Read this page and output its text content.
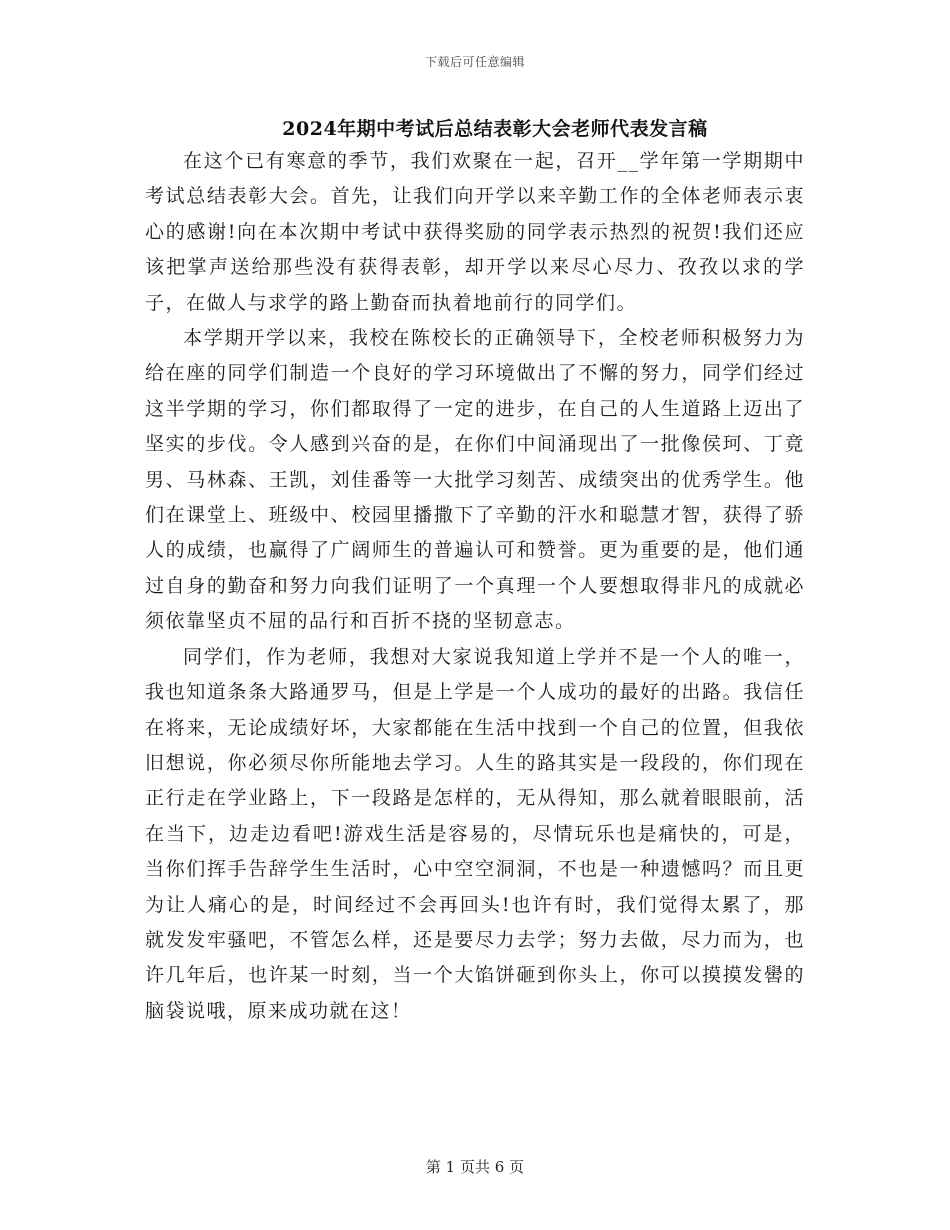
下载后可任意编辑
2024年期中考试后总结表彰大会老师代表发言稿

在这个已有寒意的季节，我们欢聚在一起，召开__学年第一学期期中考试总结表彰大会。首先，让我们向开学以来辛勤工作的全体老师表示衷心的感谢!向在本次期中考试中获得奖励的同学表示热烈的祝贺!我们还应该把掌声送给那些没有获得表彰，却开学以来尽心尽力、孜孜以求的学子，在做人与求学的路上勤奋而执着地前行的同学们。

本学期开学以来，我校在陈校长的正确领导下，全校老师积极努力为给在座的同学们制造一个良好的学习环境做出了不懈的努力，同学们经过这半学期的学习，你们都取得了一定的进步，在自己的人生道路上迈出了坚实的步伐。令人感到兴奋的是，在你们中间涌现出了一批像侯珂、丁竟男、马林森、王凯，刘佳番等一大批学习刻苦、成绩突出的优秀学生。他们在课堂上、班级中、校园里播撒下了辛勤的汗水和聪慧才智，获得了骄人的成绩，也赢得了广阔师生的普遍认可和赞誉。更为重要的是，他们通过自身的勤奋和努力向我们证明了一个真理一个人要想取得非凡的成就必须依靠坚贞不屈的品行和百折不挠的坚韧意志。

同学们，作为老师，我想对大家说我知道上学并不是一个人的唯一，我也知道条条大路通罗马，但是上学是一个人成功的最好的出路。我信任在将来，无论成绩好坏，大家都能在生活中找到一个自己的位置，但我依旧想说，你必须尽你所能地去学习。人生的路其实是一段段的，你们现在正行走在学业路上，下一段路是怎样的，无从得知，那么就着眼眼前，活在当下，边走边看吧!游戏生活是容易的，尽情玩乐也是痛快的，可是，当你们挥手告辞学生生活时，心中空空洞洞，不也是一种遗憾吗？而且更为让人痛心的是，时间经过不会再回头!也许有时，我们觉得太累了，那就发发牢骚吧，不管怎么样，还是要尽力去学；努力去做，尽力而为，也许几年后，也许某一时刻，当一个大馅饼砸到你头上，你可以摸摸发嚳的脑袋说哦，原来成功就在这！

第 1 页共 6 页
